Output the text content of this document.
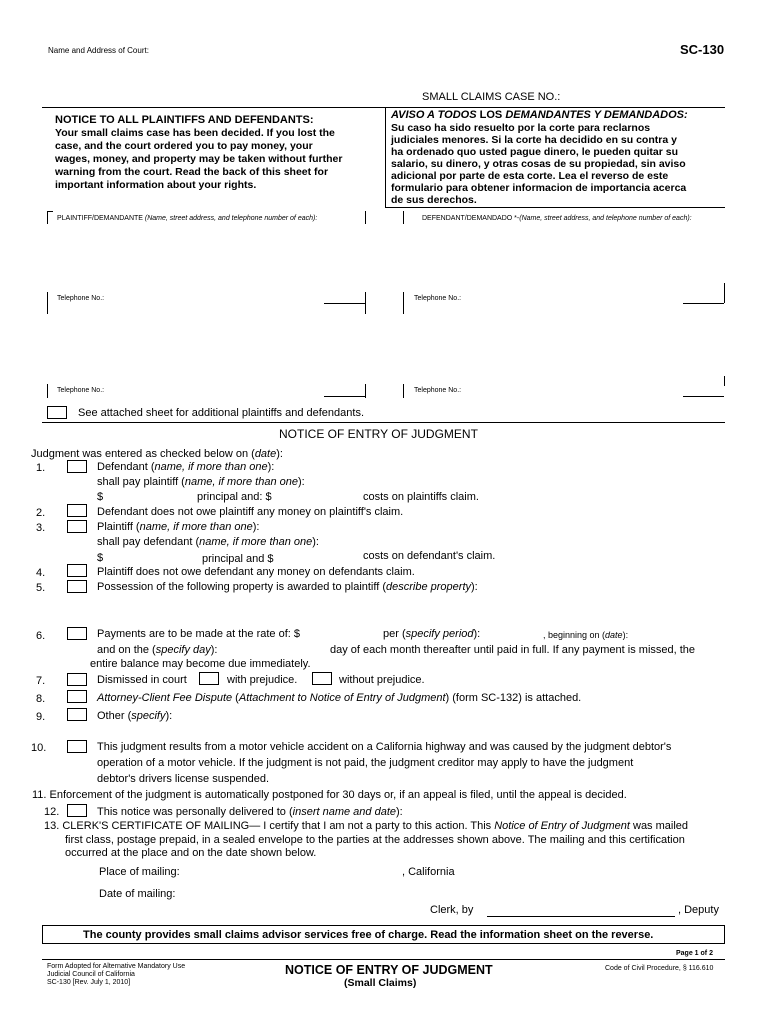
Name and Address of Court:	SC-130
SMALL CLAIMS CASE NO.:
NOTICE TO ALL PLAINTIFFS AND DEFENDANTS:
Your small claims case has been decided. If you lost the
case, and the court ordered you to pay money, your
wages, money, and property may be taken without further
warning from the court. Read the back of this sheet for
important information about your rights.
AVISO A TODOS LOS DEMANDANTES Y DEMANDADOS:
Su caso ha sido resuelto por la corte para reclarnos
judiciales menores. Si la corte ha decidido en su contra y
ha ordenado quo usted pague dinero, le pueden quitar su
salario, su dinero, y otras cosas de su propiedad, sin aviso
adicional por parte de esta corte. Lea el reverso de este
formulario para obtener informacion de importancia acerca
de sus derechos.
PLAINTIFF/DEMANDANTE (Name, street address, and telephone number of each):	DEFENDANT/DEMANDADO *-(Name, street address, and telephone number of each):
Telephone No.:	Telephone No.:
Telephone No.:	Telephone No.:
See attached sheet for additional plaintiffs and defendants.
NOTICE OF ENTRY OF JUDGMENT
Judgment was entered as checked below on (date):
1.	Defendant (name, if more than one):
shall pay plaintiff (name, if more than one):
$	principal and: $	costs on plaintiffs claim.
2.	Defendant does not owe plaintiff any money on plaintiff's claim.
3.	Plaintiff (name, if more than one):
shall pay defendant (name, if more than one):
$	principal and $	costs on defendant's claim.
4.	Plaintiff does not owe defendant any money on defendants claim.
5.	Possession of the following property is awarded to plaintiff (describe property):
6.	Payments are to be made at the rate of: $	per (specify period):	, beginning on (date):
and on the (specify day):	day of each month thereafter until paid in full. If any payment is missed, the
entire balance may become due immediately.
7.	Dismissed in court	with prejudice.	without prejudice.
8.	Attorney-Client Fee Dispute (Attachment to Notice of Entry of Judgment) (form SC-132) is attached.
9.	Other (specify):
10.	This judgment results from a motor vehicle accident on a California highway and was caused by the judgment debtor's
operation of a motor vehicle. If the judgment is not paid, the judgment creditor may apply to have the judgment
debtor's drivers license suspended.
11. Enforcement of the judgment is automatically postponed for 30 days or, if an appeal is filed, until the appeal is decided.
12.	This notice was personally delivered to (insert name and date):
13. CLERK'S CERTIFICATE OF MAILING— I certify that I am not a party to this action. This Notice of Entry of Judgment was mailed
first class, postage prepaid, in a sealed envelope to the parties at the addresses shown above. The mailing and this certification
occurred at the place and on the date shown below.
Place of mailing:	, California
Date of mailing:
Clerk, by	, Deputy
The county provides small claims advisor services free of charge. Read the information sheet on the reverse.
Page 1 of 2
Form Adopted for Alternative Mandatory Use
Judicial Council of California
SC-130 [Rev. July 1, 2010]
NOTICE OF ENTRY OF JUDGMENT
(Small Claims)
Code of Civil Procedure, § 116.610
